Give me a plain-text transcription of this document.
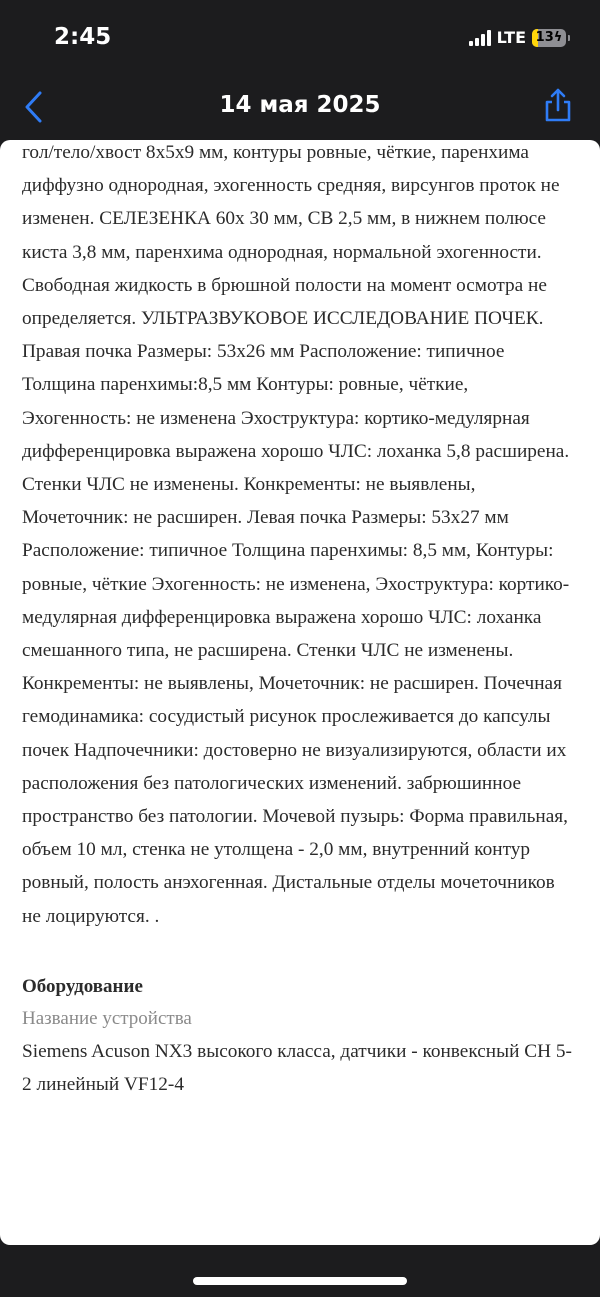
2:45	LTE 13ϟ
14 мая 2025

гол/тело/хвост 8х5х9 мм, контуры ровные, чёткие, паренхима диффузно однородная, эхогенность средняя, вирсунгов проток не изменен. СЕЛЕЗЕНКА 60х 30 мм, СВ 2,5 мм, в нижнем полюсе киста 3,8 мм, паренхима однородная, нормальной эхогенности. Свободная жидкость в брюшной полости на момент осмотра не определяется. УЛЬТРАЗВУКОВОЕ ИССЛЕДОВАНИЕ ПОЧЕК. Правая почка Размеры: 53х26 мм Расположение: типичное Толщина паренхимы:8,5 мм Контуры: ровные, чёткие, Эхогенность: не изменена Эхоструктура: кортико-медулярная дифференцировка выражена хорошо ЧЛС: лоханка 5,8 расширена. Стенки ЧЛС не изменены. Конкременты: не выявлены, Мочеточник: не расширен. Левая почка Размеры: 53х27 мм Расположение: типичное Толщина паренхимы: 8,5 мм, Контуры: ровные, чёткие Эхогенность: не изменена, Эхоструктура: кортико-медулярная дифференцировка выражена хорошо ЧЛС: лоханка смешанного типа, не расширена. Стенки ЧЛС не изменены. Конкременты: не выявлены, Мочеточник: не расширен. Почечная гемодинамика: сосудистый рисунок прослеживается до капсулы почек Надпочечники: достоверно не визуализируются, области их расположения без патологических изменений. забрюшинное пространство без патологии. Мочевой пузырь: Форма правильная, объем 10 мл, стенка не утолщена - 2,0 мм, внутренний контур ровный, полость анэхогенная. Дистальные отделы мочеточников не лоцируются. .

Оборудование
Название устройства
Siemens Acuson NX3 высокого класса, датчики - конвексный CH 5-2 линейный VF12-4
